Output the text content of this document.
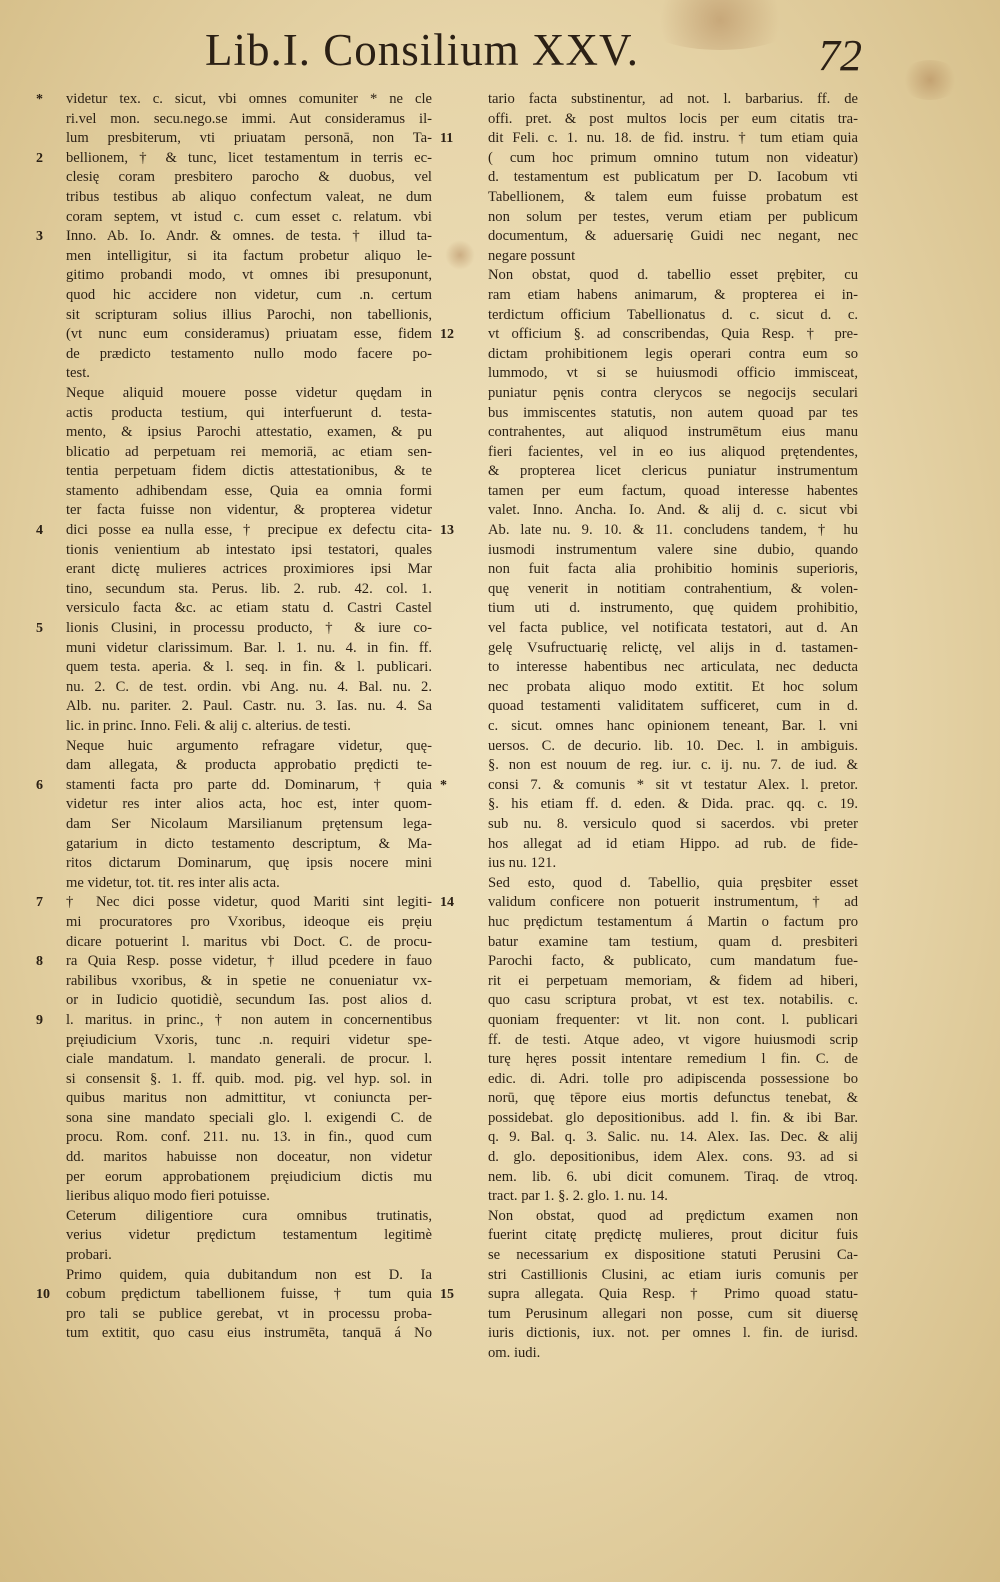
Lib.I. Consilium XXV.	72
*	videtur tex. c. sicut, vbi omnes comuniter * ne cle
ri.vel mon. secu.nego.se immi. Aut consideramus il-
lum presbiterum, vti priuatam personā, non Ta-
2	bellionem, † & tunc, licet testamentum in terris ec-
clesię coram presbitero parocho & duobus, vel
tribus testibus ab aliquo confectum valeat, ne dum
coram septem, vt istud c. cum esset c. relatum. vbi
3	Inno. Ab. Io. Andr. & omnes. de testa. † illud ta-
men intelligitur, si ita factum probetur aliquo le-
gitimo probandi modo, vt omnes ibi presuponunt,
quod hic accidere non videtur, cum .n. certum
sit scripturam solius illius Parochi, non tabellionis,
(vt nunc eum consideramus) priuatam esse, fidem
de prædicto testamento nullo modo facere po-
test.
Neque aliquid mouere posse videtur quędam in
actis producta testium, qui interfuerunt d. testa-
mento, & ipsius Parochi attestatio, examen, & pu
blicatio ad perpetuam rei memoriā, ac etiam sen-
tentia perpetuam fidem dictis attestationibus, & te
stamento adhibendam esse, Quia ea omnia formi
ter facta fuisse non videntur, & propterea videtur
4	dici posse ea nulla esse, † precipue ex defectu cita-
tionis venientium ab intestato ipsi testatori, quales
erant dictę mulieres actrices proximiores ipsi Mar
tino, secundum sta. Perus. lib. 2. rub. 42. col. 1.
versiculo facta &c. ac etiam statu d. Castri Castel
5	lionis Clusini, in processu producto, † & iure co-
muni videtur clarissimum. Bar. l. 1. nu. 4. in fin. ff.
quem testa. aperia. & l. seq. in fin. & l. publicari.
nu. 2. C. de test. ordin. vbi Ang. nu. 4. Bal. nu. 2.
Alb. nu. pariter. 2. Paul. Castr. nu. 3. Ias. nu. 4. Sa
lic. in princ. Inno. Feli. & alij c. alterius. de testi.
Neque huic argumento refragare videtur, quę-
dam allegata, & producta approbatio prędicti te-
6	stamenti facta pro parte dd. Dominarum, † quia
videtur res inter alios acta, hoc est, inter quom-
dam Ser Nicolaum Marsilianum prętensum lega-
gatarium in dicto testamento descriptum, & Ma-
ritos dictarum Dominarum, quę ipsis nocere mini
me videtur, tot. tit. res inter alis acta.
7	† Nec dici posse videtur, quod Mariti sint legiti-
mi procuratores pro Vxoribus, ideoque eis pręiu
dicare potuerint l. maritus vbi Doct. C. de procu-
8	ra Quia Resp. posse videtur, † illud pcedere in fauo
rabilibus vxoribus, & in spetie ne conueniatur vx-
or in Iudicio quotidiè, secundum Ias. post alios d.
9	l. maritus. in princ., † non autem in concernentibus
pręiudicium Vxoris, tunc .n. requiri videtur spe-
ciale mandatum. l. mandato generali. de procur. l.
si consensit §. 1. ff. quib. mod. pig. vel hyp. sol. in
quibus maritus non admittitur, vt coniuncta per-
sona sine mandato speciali glo. l. exigendi C. de
procu. Rom. conf. 211. nu. 13. in fin., quod cum
dd. maritos habuisse non doceatur, non videtur
per eorum approbationem pręiudicium dictis mu
lieribus aliquo modo fieri potuisse.
Ceterum diligentiore cura omnibus trutinatis,
verius videtur prędictum testamentum legitimè
probari.
Primo quidem, quia dubitandum non est D. Ia
10	cobum prędictum tabellionem fuisse, † tum quia
pro tali se publice gerebat, vt in processu proba-
tum extitit, quo casu eius instrumēta, tanquā á No
tario facta substinentur, ad not. l. barbarius. ff. de
offi. pret. & post multos locis per eum citatis tra-
11	dit Feli. c. 1. nu. 18. de fid. instru. † tum etiam quia
( cum hoc primum omnino tutum non videatur)
d. testamentum est publicatum per D. Iacobum vti
Tabellionem, & talem eum fuisse probatum est
non solum per testes, verum etiam per publicum
documentum, & aduersarię Guidi nec negant, nec
negare possunt
Non obstat, quod d. tabellio esset prębiter, cu
ram etiam habens animarum, & propterea ei in-
terdictum officium Tabellionatus d. c. sicut d. c.
12	vt officium §. ad conscribendas, Quia Resp. † pre-
dictam prohibitionem legis operari contra eum so
lummodo, vt si se huiusmodi officio immisceat,
puniatur pęnis contra clerycos se negocijs seculari
bus immiscentes statutis, non autem quoad par tes
contrahentes, aut aliquod instrumētum eius manu
fieri facientes, vel in eo ius aliquod prętendentes,
& propterea licet clericus puniatur instrumentum
tamen per eum factum, quoad interesse habentes
valet. Inno. Ancha. Io. And. & alij d. c. sicut vbi
13	Ab. late nu. 9. 10. & 11. concludens tandem, † hu
iusmodi instrumentum valere sine dubio, quando
non fuit facta alia prohibitio hominis superioris,
quę venerit in notitiam contrahentium, & volen-
tium uti d. instrumento, quę quidem prohibitio,
vel facta publice, vel notificata testatori, aut d. An
gelę Vsufructuarię relictę, vel alijs in d. tastamen-
to interesse habentibus nec articulata, nec deducta
nec probata aliquo modo extitit. Et hoc solum
quoad testamenti validitatem sufficeret, cum in d.
c. sicut. omnes hanc opinionem teneant, Bar. l. vni
uersos. C. de decurio. lib. 10. Dec. l. in ambiguis.
§. non est nouum de reg. iur. c. ij. nu. 7. de iud. &
*	consi 7. & comunis * sit vt testatur Alex. l. pretor.
§. his etiam ff. d. eden. & Dida. prac. qq. c. 19.
sub nu. 8. versiculo quod si sacerdos. vbi preter
hos allegat ad id etiam Hippo. ad rub. de fide-
ius nu. 121.
Sed esto, quod d. Tabellio, quia pręsbiter esset
14	validum conficere non potuerit instrumentum, † ad
huc prędictum testamentum á Martin o factum pro
batur examine tam testium, quam d. presbiteri
Parochi facto, & publicato, cum mandatum fue-
rit ei perpetuam memoriam, & fidem ad hiberi,
quo casu scriptura probat, vt est tex. notabilis. c.
quoniam frequenter: vt lit. non cont. l. publicari
ff. de testi. Atque adeo, vt vigore huiusmodi scrip
turę hęres possit intentare remedium l fin. C. de
edic. di. Adri. tolle pro adipiscenda possessione bo
norū, quę tēpore eius mortis defunctus tenebat, &
possidebat. glo depositionibus. add l. fin. & ibi Bar.
q. 9. Bal. q. 3. Salic. nu. 14. Alex. Ias. Dec. & alij
d. glo. depositionibus, idem Alex. cons. 93. ad si
nem. lib. 6. ubi dicit comunem. Tiraq. de vtroq.
tract. par 1. §. 2. glo. 1. nu. 14.
Non obstat, quod ad prędictum examen non
fuerint citatę prędictę mulieres, prout dicitur fuis
se necessarium ex dispositione statuti Perusini Ca-
stri Castillionis Clusini, ac etiam iuris comunis per
15	supra allegata. Quia Resp. † Primo quoad statu-
tum Perusinum allegari non posse, cum sit diuersę
iuris dictionis, iux. not. per omnes l. fin. de iurisd.
om. iudi.
